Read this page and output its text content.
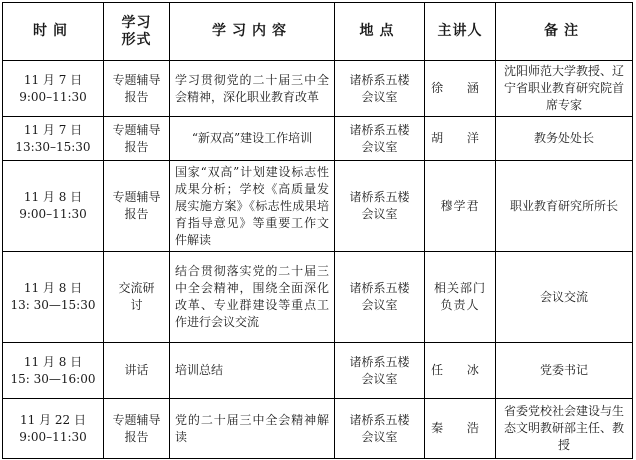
时间	学习形式	学习内容	地点	主讲人	备注

11 月 7 日
9:00–11:30	专题辅导报告	学习贯彻党的二十届三中全会精神，深化职业教育改革	诸桥系五楼会议室	徐 涵	沈阳师范大学教授、辽宁省职业教育研究院首席专家

11 月 7 日
13:30–15:30	专题辅导报告	“新双高”建设工作培训	诸桥系五楼会议室	胡 洋	教务处处长

11 月 8 日
9:00–11:30	专题辅导报告	国家“双高”计划建设标志性成果分析；学校《高质量发展实施方案》《标志性成果培育指导意见》等重要工作文件解读	诸桥系五楼会议室	穆学君	职业教育研究所所长

11 月 8 日
13: 30—15:30	交流研讨	结合贯彻落实党的二十届三中全会精神，围绕全面深化改革、专业群建设等重点工作进行会议交流	诸桥系五楼会议室	相关部门负责人	会议交流

11 月 8 日
15: 30—16:00	讲话	培训总结	诸桥系五楼会议室	任 冰	党委书记

11 月 22 日
9:00–11:30	专题辅导报告	党的二十届三中全会精神解读	诸桥系五楼会议室	秦 浩	省委党校社会建设与生态文明教研部主任、教授
